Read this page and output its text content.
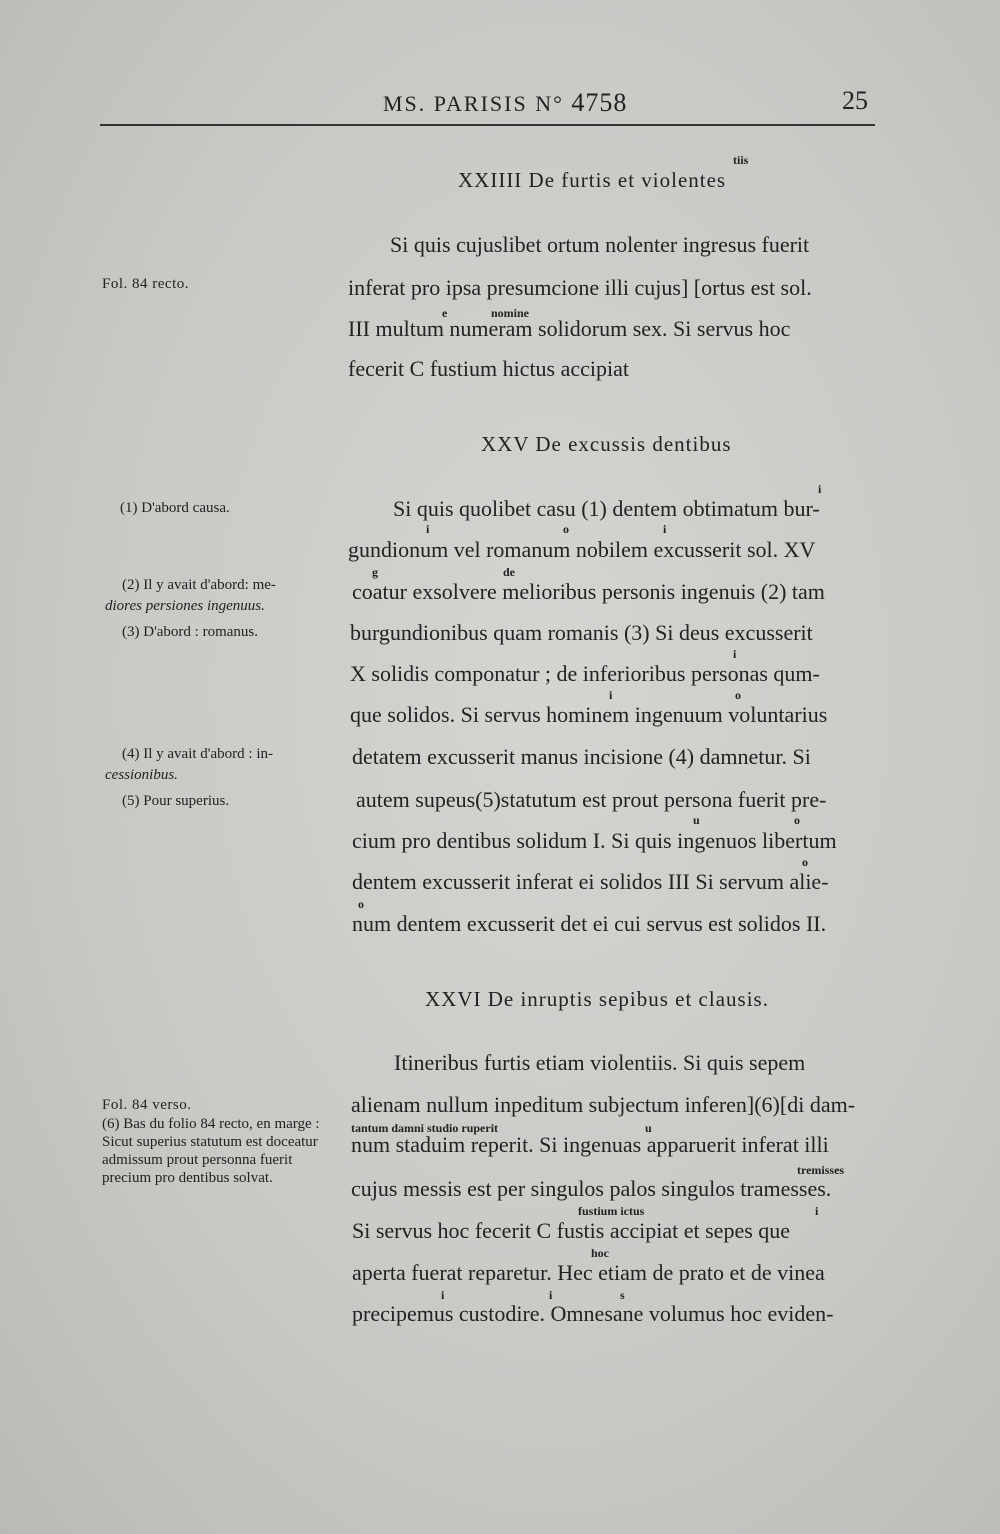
MS. PARISIS N° 4758	25
tiis
XXIIII De furtis et violentes
Fol. 84 recto.
Si quis cujuslibet ortum nolenter ingresus fuerit
inferat pro ipsa presumcione illi cujus] [ortus est sol.
e	nomine
III multum numeram solidorum sex. Si servus hoc
fecerit C fustium hictus accipiat
XXV De excussis dentibus
i
Si quis quolibet casu (1) dentem obtimatum bur-
(1) D'abord causa.
i	o	i
gundionum vel romanum nobilem excusserit sol. XV
g	de
coatur exsolvere melioribus personis ingenuis (2) tam
(2) Il y avait d'abord: me-
diores persiones ingenuus.
burgundionibus quam romanis (3) Si deus excusserit
(3) D'abord : romanus.
i
X solidis componatur ; de inferioribus personas qum-
i	o
que solidos. Si servus hominem ingenuum voluntarius
detatem excusserit manus incisione (4) damnetur. Si
(4) Il y avait d'abord : in-
cessionibus.
autem supeus(5)statutum est prout persona fuerit pre-
(5) Pour superius.
u	o
cium pro dentibus solidum I. Si quis ingenuos libertum
o
dentem excusserit inferat ei solidos III Si servum alie-
o
num dentem excusserit det ei cui servus est solidos II.
XXVI De inruptis sepibus et clausis.
Itineribus furtis etiam violentiis. Si quis sepem
alienam nullum inpeditum subjectum inferen](6)[di dam-
Fol. 84 verso.
tantum damni studio ruperit	u
num staduim reperit. Si ingenuas apparuerit inferat illi
(6) Bas du folio 84 recto, en marge : Sicut superius statutum est doceatur admissum prout personna fuerit precium pro dentibus solvat.	tremisses
cujus messis est per singulos palos singulos tramesses.
fustium ictus	i
Si servus hoc fecerit C fustis accipiat et sepes que
hoc
aperta fuerat reparetur. Hec etiam de prato et de vinea
i	i	s
precipemus custodire. Omnesane volumus hoc eviden-
